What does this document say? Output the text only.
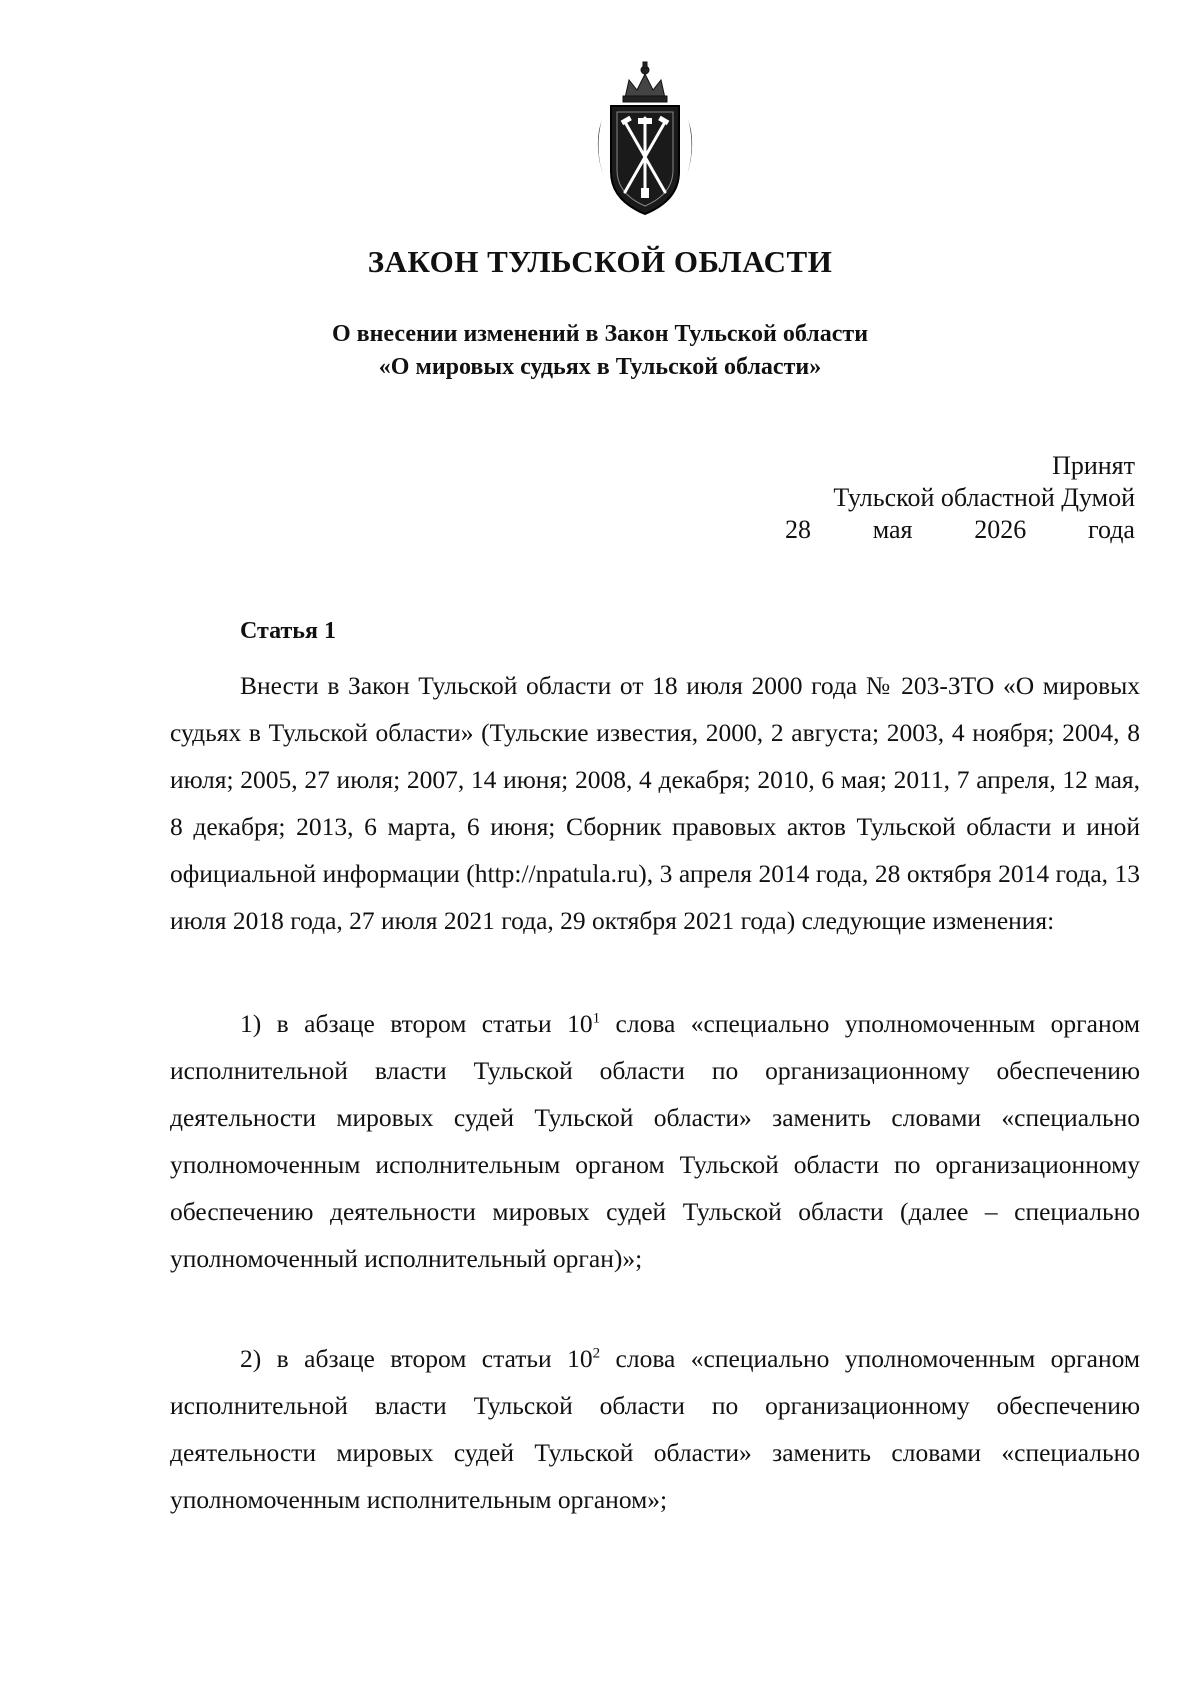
ЗАКОН ТУЛЬСКОЙ ОБЛАСТИ
О внесении изменений в Закон Тульской области
«О мировых судьях в Тульской области»
Принят
Тульской областной Думой
28 мая 2026 года
Статья 1

Внести в Закон Тульской области от 18 июля 2000 года № 203-ЗТО «О мировых судьях в Тульской области» (Тульские известия, 2000, 2 августа; 2003, 4 ноября; 2004, 8 июля; 2005, 27 июля; 2007, 14 июня; 2008, 4 декабря; 2010, 6 мая; 2011, 7 апреля, 12 мая, 8 декабря; 2013, 6 марта, 6 июня; Сборник правовых актов Тульской области и иной официальной информации (http://npatula.ru), 3 апреля 2014 года, 28 октября 2014 года, 13 июля 2018 года, 27 июля 2021 года, 29 октября 2021 года) следующие изменения:

1) в абзаце втором статьи $10^1$ слова «специально уполномоченным органом исполнительной власти Тульской области по организационному обеспечению деятельности мировых судей Тульской области» заменить словами «специально уполномоченным исполнительным органом Тульской области по организационному обеспечению деятельности мировых судей Тульской области (далее – специально уполномоченный исполнительный орган)»;

2) в абзаце втором статьи $10^2$ слова «специально уполномоченным органом исполнительной власти Тульской области по организационному обеспечению деятельности мировых судей Тульской области» заменить словами «специально уполномоченным исполнительным органом»;
